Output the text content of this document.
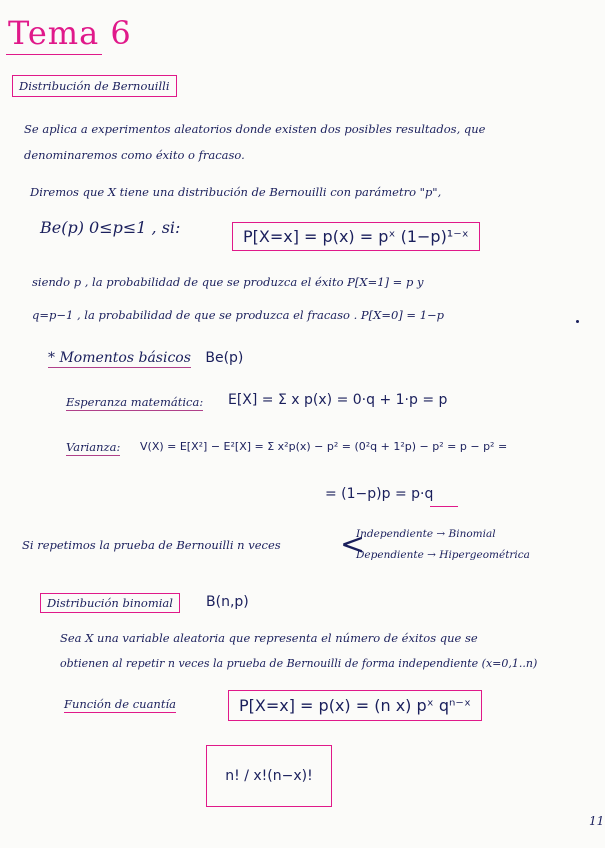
Tema 6
Distribución de Bernouilli
Se aplica a experimentos aleatorios donde existen dos posibles resultados, que
denominaremos como éxito o fracaso.
Diremos que X tiene una distribución de Bernouilli con parámetro "p",
Be(p) 0≤p≤1 , si:	P[X=x] = p(x) = pˣ (1−p)¹⁻ˣ
siendo p , la probabilidad de que se produzca el éxito P[X=1] = p y
q=p−1 , la probabilidad de que se produzca el fracaso . P[X=0] = 1−p
* Momentos básicos Be(p)
Esperanza matemática: E[X] = Σ x p(x) = 0·q + 1·p = p
Varianza: V(X) = E[X²] − E²[X] = Σ x²p(x) − p² = (0²q + 1²p) − p² = p − p² =
= (1−p)p = p·q
Si repetimos la prueba de Bernouilli n veces <
Independiente → Binomial
Dependiente → Hipergeométrica
Distribución binomial	B(n,p)
Sea X una variable aleatoria que representa el número de éxitos que se
obtienen al repetir n veces la prueba de Bernouilli de forma independiente (x=0,1..n)
Función de cuantía	P[X=x] = p(x) = (n x) pˣ qⁿ⁻ˣ
n! / x!(n−x)!
11
